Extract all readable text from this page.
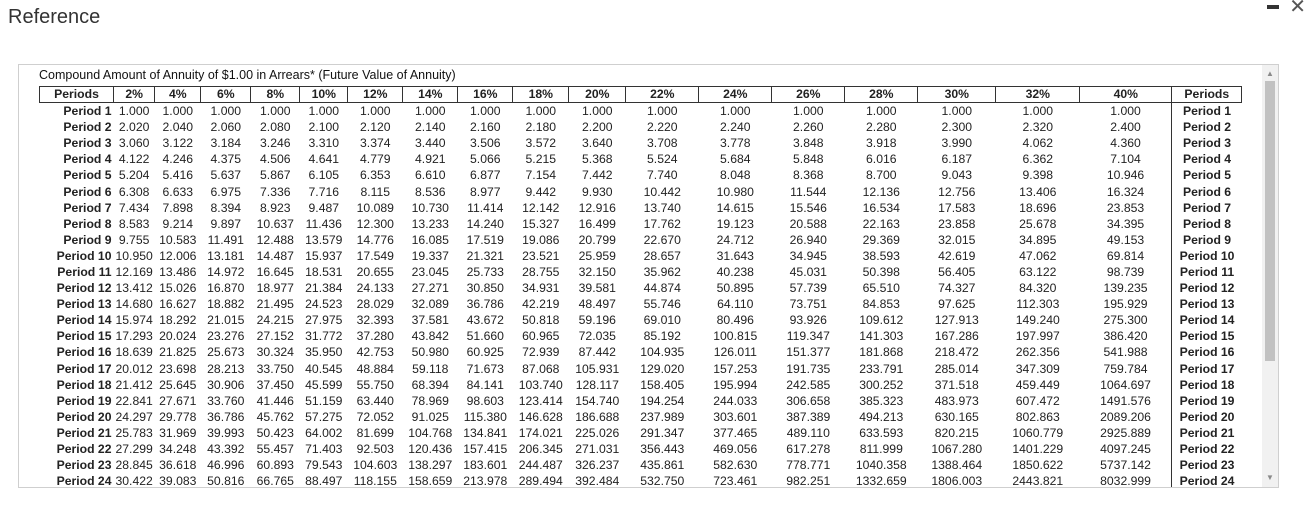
Reference	✕
Compound Amount of Annuity of $1.00 in Arrears* (Future Value of Annuity)
Periods	2%	4%	6%	8%	10%	12%	14%	16%	18%	20%	22%	24%	26%	28%	30%	32%	40%	Periods
Period 1	1.000	1.000	1.000	1.000	1.000	1.000	1.000	1.000	1.000	1.000	1.000	1.000	1.000	1.000	1.000	1.000	1.000	Period 1
Period 2	2.020	2.040	2.060	2.080	2.100	2.120	2.140	2.160	2.180	2.200	2.220	2.240	2.260	2.280	2.300	2.320	2.400	Period 2
Period 3	3.060	3.122	3.184	3.246	3.310	3.374	3.440	3.506	3.572	3.640	3.708	3.778	3.848	3.918	3.990	4.062	4.360	Period 3
Period 4	4.122	4.246	4.375	4.506	4.641	4.779	4.921	5.066	5.215	5.368	5.524	5.684	5.848	6.016	6.187	6.362	7.104	Period 4
Period 5	5.204	5.416	5.637	5.867	6.105	6.353	6.610	6.877	7.154	7.442	7.740	8.048	8.368	8.700	9.043	9.398	10.946	Period 5
Period 6	6.308	6.633	6.975	7.336	7.716	8.115	8.536	8.977	9.442	9.930	10.442	10.980	11.544	12.136	12.756	13.406	16.324	Period 6
Period 7	7.434	7.898	8.394	8.923	9.487	10.089	10.730	11.414	12.142	12.916	13.740	14.615	15.546	16.534	17.583	18.696	23.853	Period 7
Period 8	8.583	9.214	9.897	10.637	11.436	12.300	13.233	14.240	15.327	16.499	17.762	19.123	20.588	22.163	23.858	25.678	34.395	Period 8
Period 9	9.755	10.583	11.491	12.488	13.579	14.776	16.085	17.519	19.086	20.799	22.670	24.712	26.940	29.369	32.015	34.895	49.153	Period 9
Period 10	10.950	12.006	13.181	14.487	15.937	17.549	19.337	21.321	23.521	25.959	28.657	31.643	34.945	38.593	42.619	47.062	69.814	Period 10
Period 11	12.169	13.486	14.972	16.645	18.531	20.655	23.045	25.733	28.755	32.150	35.962	40.238	45.031	50.398	56.405	63.122	98.739	Period 11
Period 12	13.412	15.026	16.870	18.977	21.384	24.133	27.271	30.850	34.931	39.581	44.874	50.895	57.739	65.510	74.327	84.320	139.235	Period 12
Period 13	14.680	16.627	18.882	21.495	24.523	28.029	32.089	36.786	42.219	48.497	55.746	64.110	73.751	84.853	97.625	112.303	195.929	Period 13
Period 14	15.974	18.292	21.015	24.215	27.975	32.393	37.581	43.672	50.818	59.196	69.010	80.496	93.926	109.612	127.913	149.240	275.300	Period 14
Period 15	17.293	20.024	23.276	27.152	31.772	37.280	43.842	51.660	60.965	72.035	85.192	100.815	119.347	141.303	167.286	197.997	386.420	Period 15
Period 16	18.639	21.825	25.673	30.324	35.950	42.753	50.980	60.925	72.939	87.442	104.935	126.011	151.377	181.868	218.472	262.356	541.988	Period 16
Period 17	20.012	23.698	28.213	33.750	40.545	48.884	59.118	71.673	87.068	105.931	129.020	157.253	191.735	233.791	285.014	347.309	759.784	Period 17
Period 18	21.412	25.645	30.906	37.450	45.599	55.750	68.394	84.141	103.740	128.117	158.405	195.994	242.585	300.252	371.518	459.449	1064.697	Period 18
Period 19	22.841	27.671	33.760	41.446	51.159	63.440	78.969	98.603	123.414	154.740	194.254	244.033	306.658	385.323	483.973	607.472	1491.576	Period 19
Period 20	24.297	29.778	36.786	45.762	57.275	72.052	91.025	115.380	146.628	186.688	237.989	303.601	387.389	494.213	630.165	802.863	2089.206	Period 20
Period 21	25.783	31.969	39.993	50.423	64.002	81.699	104.768	134.841	174.021	225.026	291.347	377.465	489.110	633.593	820.215	1060.779	2925.889	Period 21
Period 22	27.299	34.248	43.392	55.457	71.403	92.503	120.436	157.415	206.345	271.031	356.443	469.056	617.278	811.999	1067.280	1401.229	4097.245	Period 22
Period 23	28.845	36.618	46.996	60.893	79.543	104.603	138.297	183.601	244.487	326.237	435.861	582.630	778.771	1040.358	1388.464	1850.622	5737.142	Period 23
Period 24	30.422	39.083	50.816	66.765	88.497	118.155	158.659	213.978	289.494	392.484	532.750	723.461	982.251	1332.659	1806.003	2443.821	8032.999	Period 24
▲
▼
